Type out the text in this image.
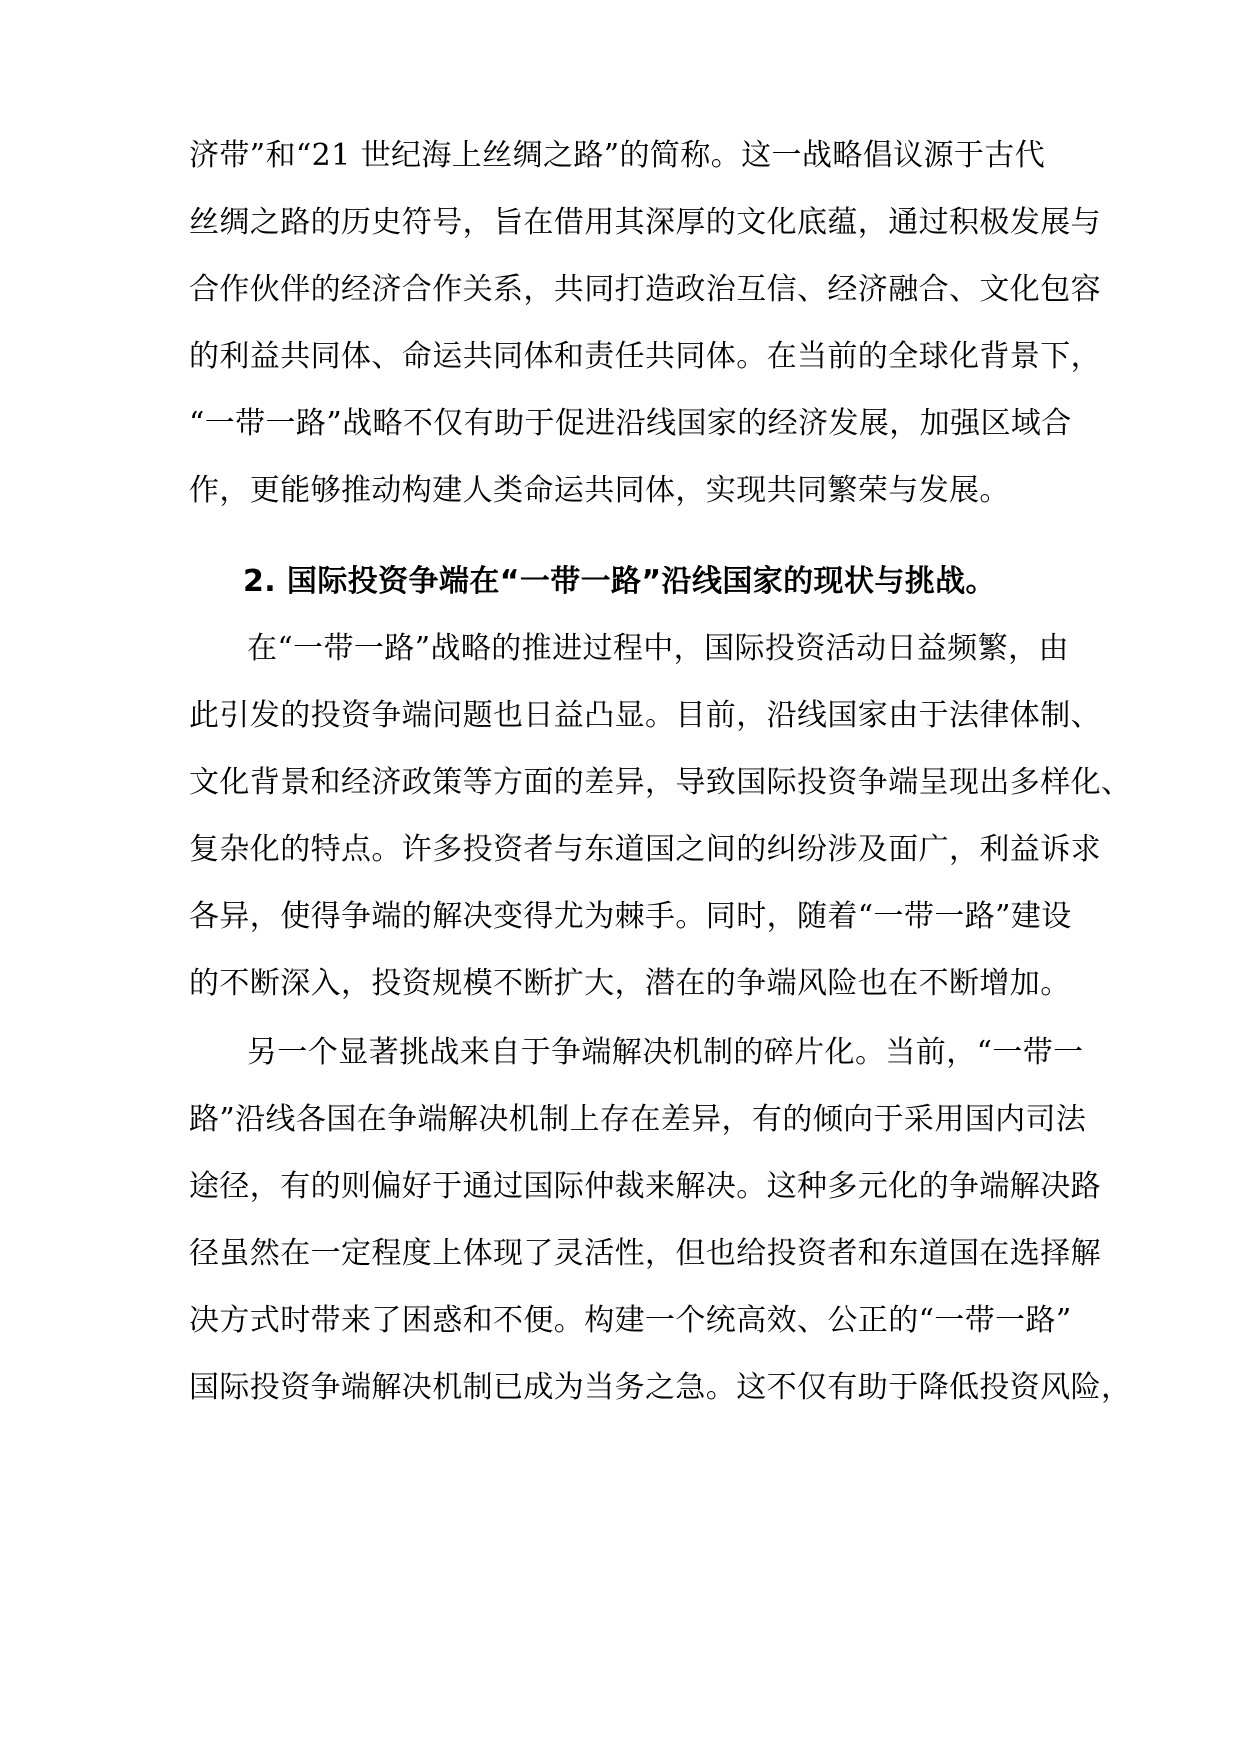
济带”和“21 世纪海上丝绸之路”的简称。这一战略倡议源于古代
丝绸之路的历史符号，旨在借用其深厚的文化底蕴，通过积极发展与
合作伙伴的经济合作关系，共同打造政治互信、经济融合、文化包容
的利益共同体、命运共同体和责任共同体。在当前的全球化背景下，
“一带一路”战略不仅有助于促进沿线国家的经济发展，加强区域合
作，更能够推动构建人类命运共同体，实现共同繁荣与发展。
2. 国际投资争端在“一带一路”沿线国家的现状与挑战。
在“一带一路”战略的推进过程中，国际投资活动日益频繁，由
此引发的投资争端问题也日益凸显。目前，沿线国家由于法律体制、
文化背景和经济政策等方面的差异，导致国际投资争端呈现出多样化、
复杂化的特点。许多投资者与东道国之间的纠纷涉及面广，利益诉求
各异，使得争端的解决变得尤为棘手。同时，随着“一带一路”建设
的不断深入，投资规模不断扩大，潜在的争端风险也在不断增加。
另一个显著挑战来自于争端解决机制的碎片化。当前，“一带一
路”沿线各国在争端解决机制上存在差异，有的倾向于采用国内司法
途径，有的则偏好于通过国际仲裁来解决。这种多元化的争端解决路
径虽然在一定程度上体现了灵活性，但也给投资者和东道国在选择解
决方式时带来了困惑和不便。构建一个统高效、公正的“一带一路”
国际投资争端解决机制已成为当务之急。这不仅有助于降低投资风险，
